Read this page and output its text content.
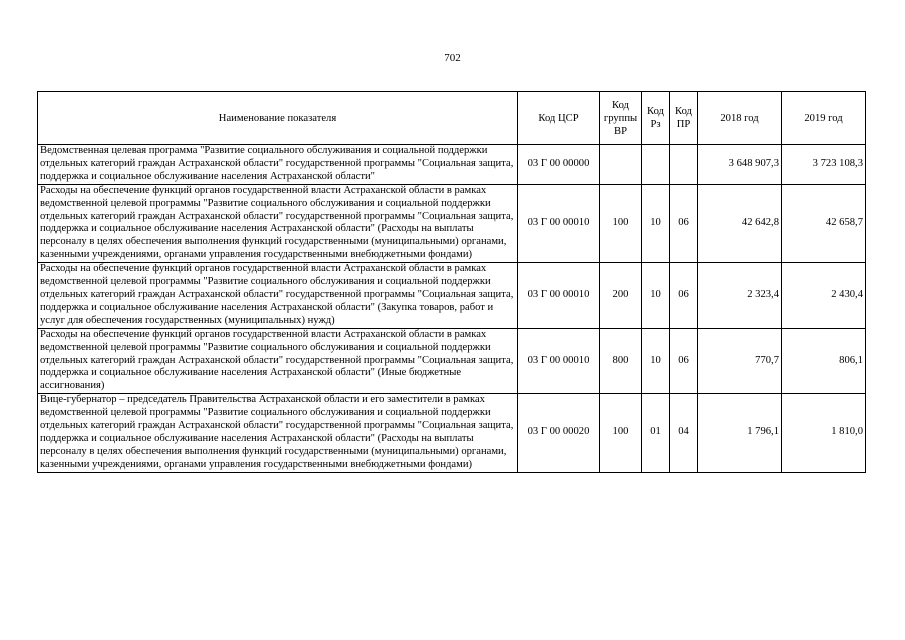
702
Наименование показателя	Код ЦСР	Код группы ВР	Код Рз	Код ПР	2018 год	2019 год
Ведомственная целевая программа "Развитие социального обслуживания и социальной поддержки отдельных категорий граждан Астраханской области" государственной программы "Социальная защита, поддержка и социальное обслуживание населения Астраханской области"	03 Г 00 00000				3 648 907,3	3 723 108,3
Расходы на обеспечение функций органов государственной власти Астраханской области в рамках ведомственной целевой программы "Развитие социального обслуживания и социальной поддержки отдельных категорий граждан Астраханской области" государственной программы "Социальная защита, поддержка и социальное обслуживание населения Астраханской области" (Расходы на выплаты персоналу в целях обеспечения выполнения функций государственными (муниципальными) органами, казенными учреждениями, органами управления государственными внебюджетными фондами)	03 Г 00 00010	100	10	06	42 642,8	42 658,7
Расходы на обеспечение функций органов государственной власти Астраханской области в рамках ведомственной целевой программы "Развитие социального обслуживания и социальной поддержки отдельных категорий граждан Астраханской области" государственной программы "Социальная защита, поддержка и социальное обслуживание населения Астраханской области" (Закупка товаров, работ и услуг для обеспечения государственных (муниципальных) нужд)	03 Г 00 00010	200	10	06	2 323,4	2 430,4
Расходы на обеспечение функций органов государственной власти Астраханской области в рамках ведомственной целевой программы "Развитие социального обслуживания и социальной поддержки отдельных категорий граждан Астраханской области" государственной программы "Социальная защита, поддержка и социальное обслуживание населения Астраханской области" (Иные бюджетные ассигнования)	03 Г 00 00010	800	10	06	770,7	806,1
Вице-губернатор – председатель Правительства Астраханской области и его заместители в рамках ведомственной целевой программы "Развитие социального обслуживания и социальной поддержки отдельных категорий граждан Астраханской области" государственной программы "Социальная защита, поддержка и социальное обслуживание населения Астраханской области" (Расходы на выплаты персоналу в целях обеспечения выполнения функций государственными (муниципальными) органами, казенными учреждениями, органами управления государственными внебюджетными фондами)	03 Г 00 00020	100	01	04	1 796,1	1 810,0
